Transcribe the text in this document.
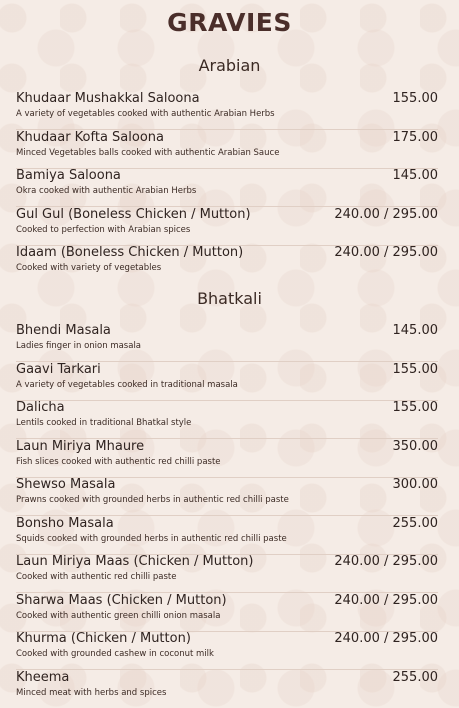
GRAVIES
Arabian
Khudaar Mushakkal Saloona
A variety of vegetables cooked with authentic Arabian Herbs
155.00
Khudaar Kofta Saloona
Minced Vegetables balls cooked with authentic Arabian Sauce
175.00
Bamiya Saloona
Okra cooked with authentic Arabian Herbs
145.00
Gul Gul (Boneless Chicken / Mutton)
Cooked to perfection with Arabian spices
240.00 / 295.00
Idaam (Boneless Chicken / Mutton)
Cooked with variety of vegetables
240.00 / 295.00
Bhatkali
Bhendi Masala
Ladies finger in onion masala
145.00
Gaavi Tarkari
A variety of vegetables cooked in traditional masala
155.00
Dalicha
Lentils cooked in traditional Bhatkal style
155.00
Laun Miriya Mhaure
Fish slices cooked with authentic red chilli paste
350.00
Shewso Masala
Prawns cooked with grounded herbs in authentic red chilli paste
300.00
Bonsho Masala
Squids cooked with grounded herbs in authentic red chilli paste
255.00
Laun Miriya Maas (Chicken / Mutton)
Cooked with authentic red chilli paste
240.00 / 295.00
Sharwa Maas (Chicken / Mutton)
Cooked with authentic green chilli onion masala
240.00 / 295.00
Khurma (Chicken / Mutton)
Cooked with grounded cashew in coconut milk
240.00 / 295.00
Kheema
Minced meat with herbs and spices
255.00
